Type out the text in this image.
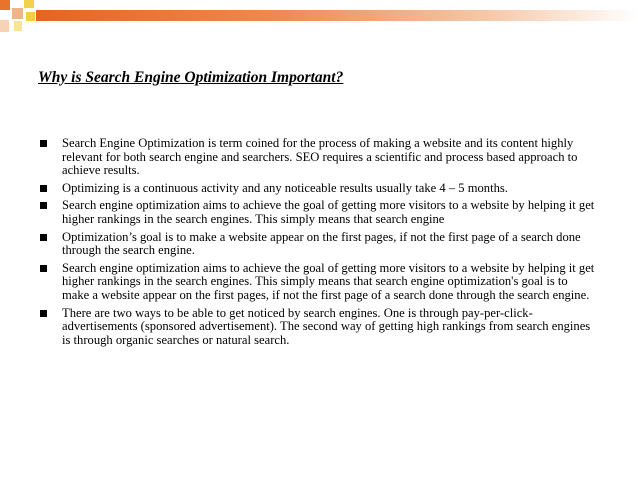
Why is Search Engine Optimization Important?
Search Engine Optimization is term coined for the process of making a website and its content highly relevant for both search engine and searchers. SEO requires a scientific and process based approach to achieve results.
Optimizing is a continuous activity and any noticeable results usually take 4 – 5 months.
Search engine optimization aims to achieve the goal of getting more visitors to a website by helping it get higher rankings in the search engines. This simply means that search engine
Optimization’s goal is to make a website appear on the first pages, if not the first page of a search done through the search engine.
Search engine optimization aims to achieve the goal of getting more visitors to a website by helping it get higher rankings in the search engines. This simply means that search engine optimization's goal is to make a website appear on the first pages, if not the first page of a search done through the search engine.
There are two ways to be able to get noticed by search engines. One is through pay-per-click-advertisements (sponsored advertisement). The second way of getting high rankings from search engines is through organic searches or natural search.
